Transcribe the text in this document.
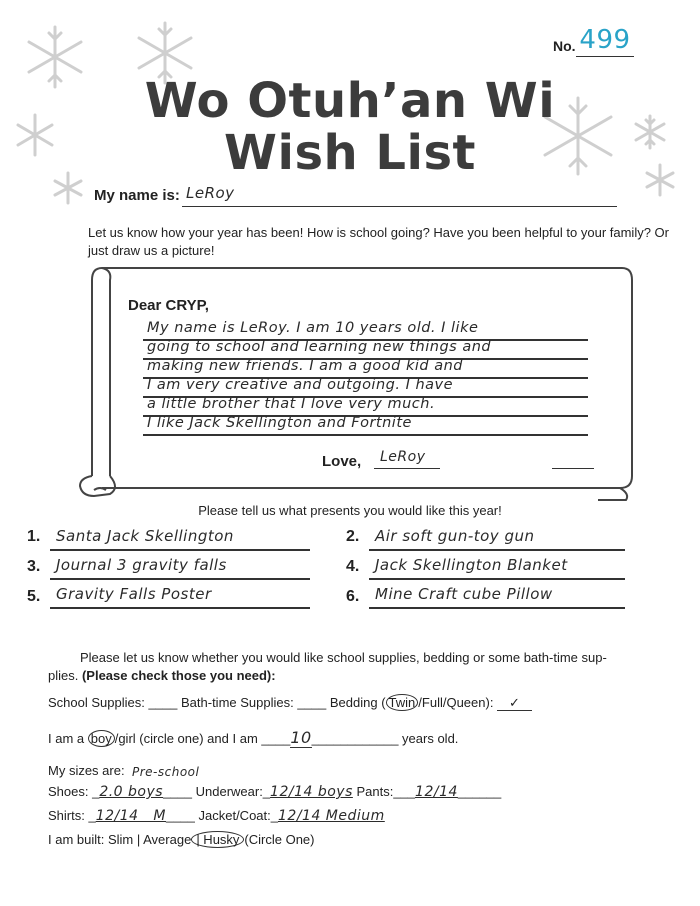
No. 499
Wo Otuh’an Wi
Wish List
My name is: LeRoy
Let us know how your year has been! How is school going? Have you been helpful to your family? Or
just draw us a picture!
Dear CRYP,
My name is LeRoy. I am 10 years old. I like
going to school and learning new things and
making new friends. I am a good kid and
I am very creative and outgoing. I have
a little brother that I love very much.
I like Jack Skellington and Fortnite
Love,	LeRoy
Please tell us what presents you would like this year!
1.	Santa Jack Skellington	2.	Air soft gun-toy gun
3.	Journal 3 gravity falls	4.	Jack Skellington Blanket
5.	Gravity Falls Poster	6.	Mine Craft cube Pillow
Please let us know whether you would like school supplies, bedding or some bath-time sup-
plies. (Please check those you need):
School Supplies: ____ Bath-time Supplies: ____ Bedding ( Twin /Full/Queen): ✓
I am a boy /girl (circle one) and I am ____10____________ years old.
My sizes are: Pre-school
Shoes: _2.0 boys____ Underwear:_12/14 boys Pants:___12/14______
Shirts: _12/14   M____ Jacket/Coat:_12/14 Medium
I am built: Slim | Average | Husky (Circle One)
